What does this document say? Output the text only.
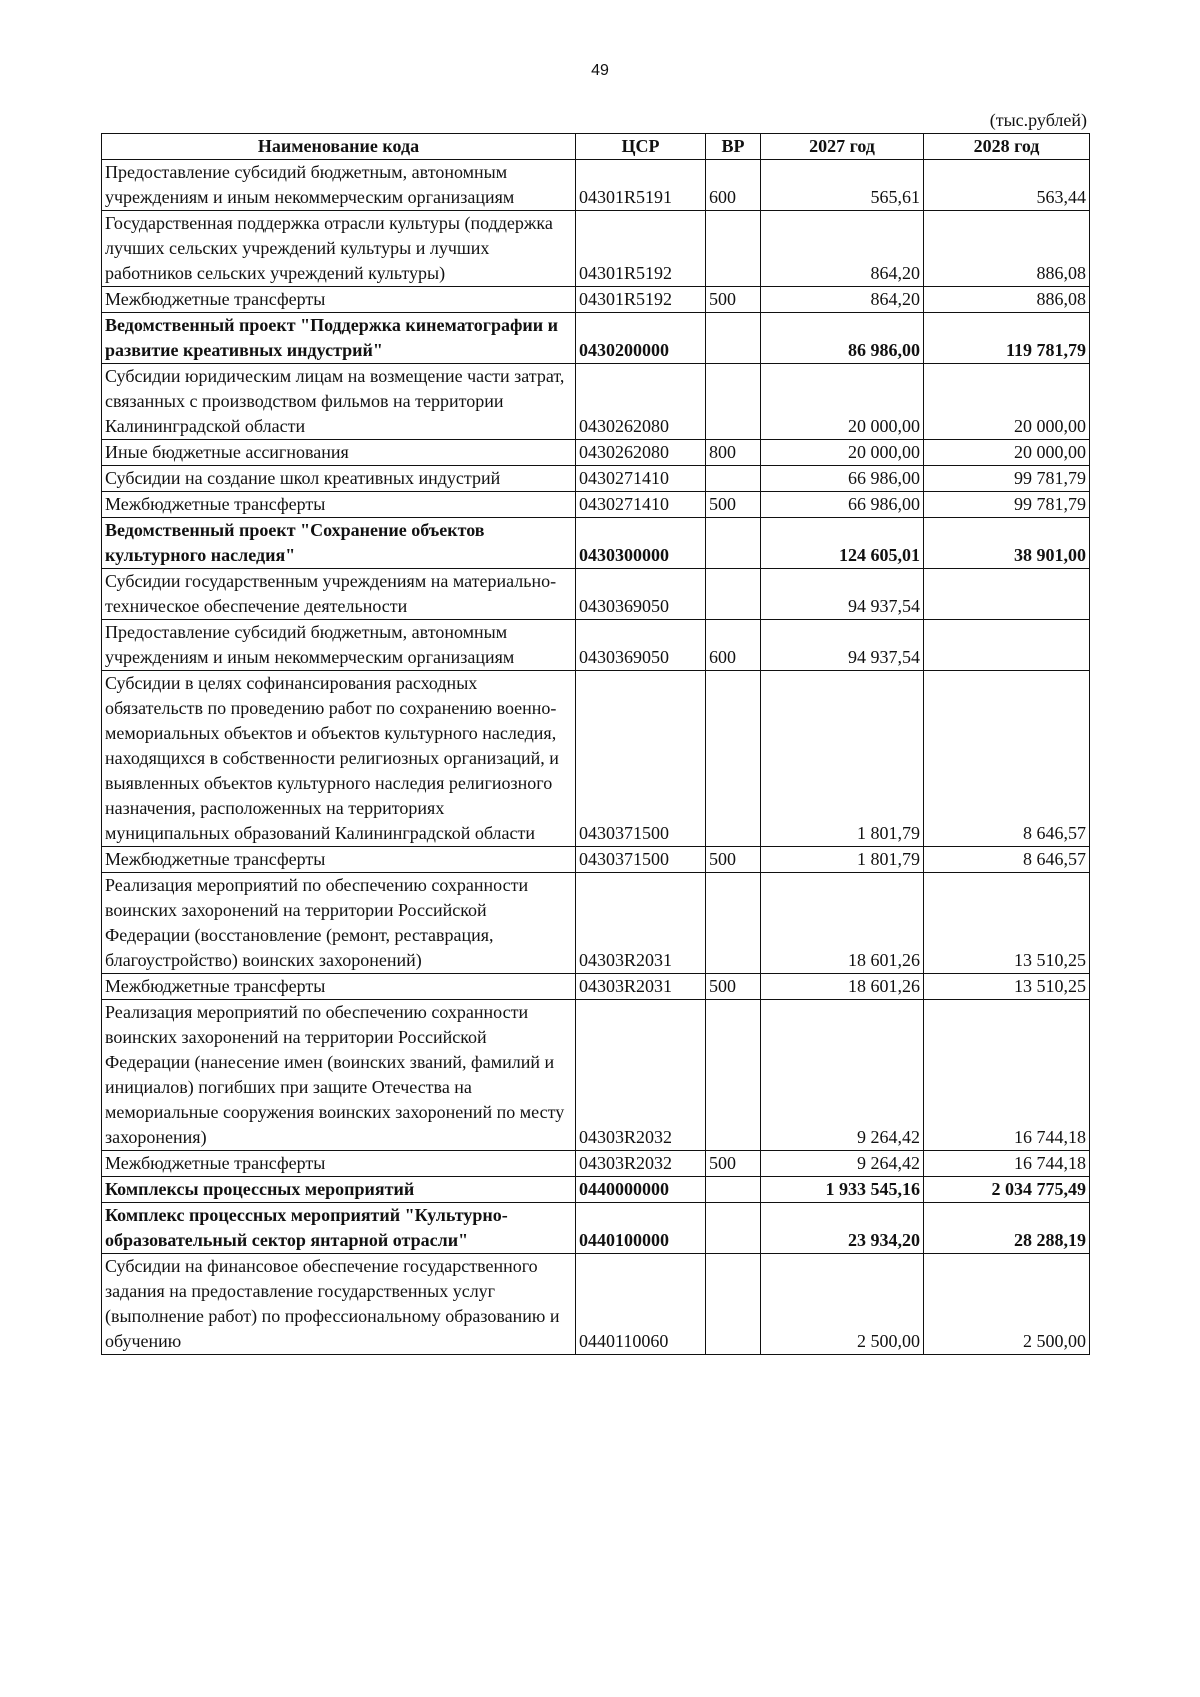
49
(тыс.рублей)
Наименование кода	ЦСР	ВР	2027 год	2028 год
Предоставление субсидий бюджетным, автономным учреждениям и иным некоммерческим организациям	04301R5191	600	565,61	563,44
Государственная поддержка отрасли культуры (поддержка лучших сельских учреждений культуры и лучших работников сельских учреждений культуры)	04301R5192		864,20	886,08
Межбюджетные трансферты	04301R5192	500	864,20	886,08
Ведомственный проект "Поддержка кинематографии и развитие креативных индустрий"	0430200000		86 986,00	119 781,79
Субсидии юридическим лицам на возмещение части затрат, связанных с производством фильмов на территории Калининградской области	0430262080		20 000,00	20 000,00
Иные бюджетные ассигнования	0430262080	800	20 000,00	20 000,00
Субсидии на создание школ креативных индустрий	0430271410		66 986,00	99 781,79
Межбюджетные трансферты	0430271410	500	66 986,00	99 781,79
Ведомственный проект "Сохранение объектов культурного наследия"	0430300000		124 605,01	38 901,00
Субсидии государственным учреждениям на материально-техническое обеспечение деятельности	0430369050		94 937,54	
Предоставление субсидий бюджетным, автономным учреждениям и иным некоммерческим организациям	0430369050	600	94 937,54	
Субсидии в целях софинансирования расходных обязательств по проведению работ по сохранению военно-мемориальных объектов и объектов культурного наследия, находящихся в собственности религиозных организаций, и выявленных объектов культурного наследия религиозного назначения, расположенных на территориях муниципальных образований Калининградской области	0430371500		1 801,79	8 646,57
Межбюджетные трансферты	0430371500	500	1 801,79	8 646,57
Реализация мероприятий по обеспечению сохранности воинских захоронений на территории Российской Федерации (восстановление (ремонт, реставрация, благоустройство) воинских захоронений)	04303R2031		18 601,26	13 510,25
Межбюджетные трансферты	04303R2031	500	18 601,26	13 510,25
Реализация мероприятий по обеспечению сохранности воинских захоронений на территории Российской Федерации (нанесение имен (воинских званий, фамилий и инициалов) погибших при защите Отечества на мемориальные сооружения воинских захоронений по месту захоронения)	04303R2032		9 264,42	16 744,18
Межбюджетные трансферты	04303R2032	500	9 264,42	16 744,18
Комплексы процессных мероприятий	0440000000		1 933 545,16	2 034 775,49
Комплекс процессных мероприятий "Культурно-образовательный сектор янтарной отрасли"	0440100000		23 934,20	28 288,19
Субсидии на финансовое обеспечение государственного задания на предоставление государственных услуг (выполнение работ) по профессиональному образованию и обучению	0440110060		2 500,00	2 500,00
